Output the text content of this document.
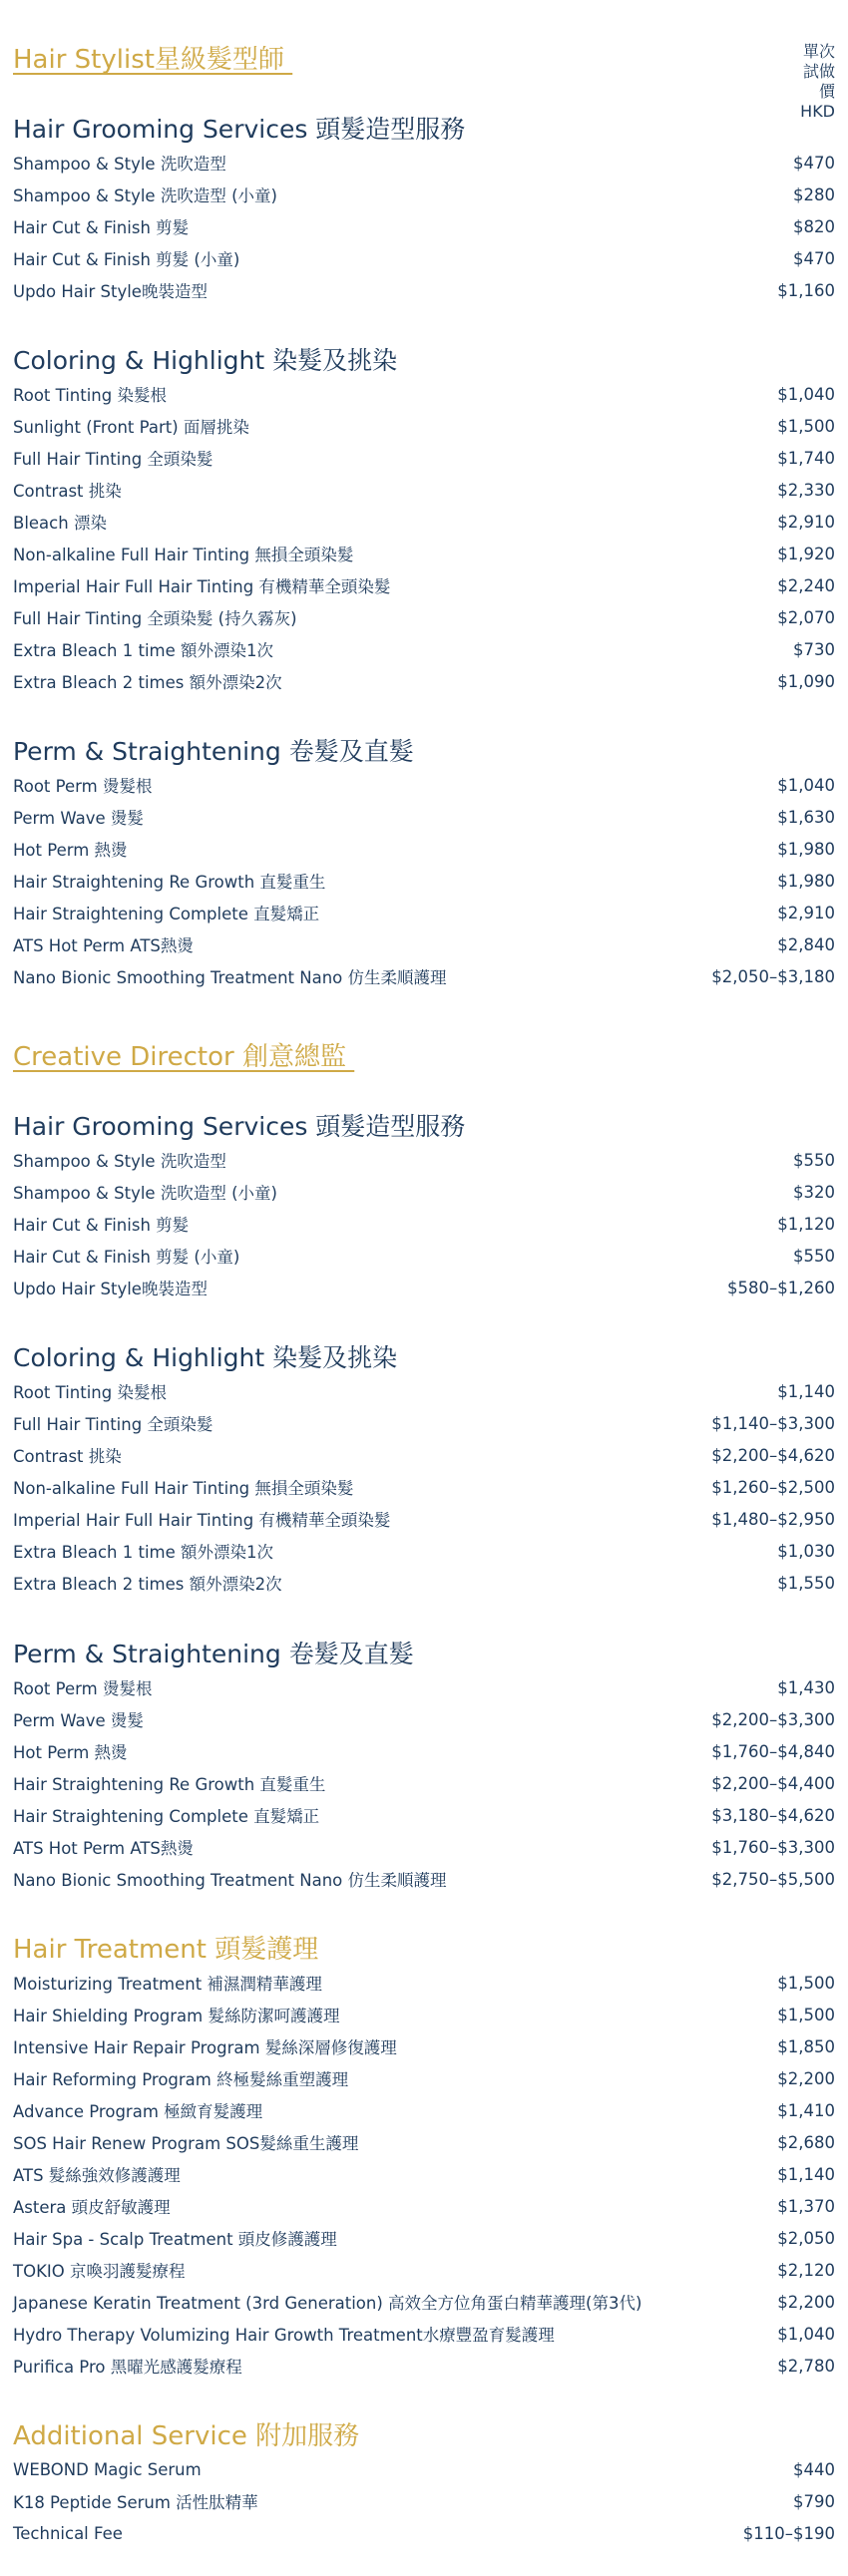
單次
試做價
HKD
Hair Stylist星級髮型師
Hair Grooming Services 頭髮造型服務
Shampoo & Style 洗吹造型	$470
Shampoo & Style 洗吹造型 (小童)	$280
Hair Cut & Finish 剪髮	$820
Hair Cut & Finish 剪髮 (小童)	$470
Updo Hair Style晚裝造型	$1,160
Coloring & Highlight 染髮及挑染
Root Tinting 染髮根	$1,040
Sunlight (Front Part) 面層挑染	$1,500
Full Hair Tinting 全頭染髮	$1,740
Contrast 挑染	$2,330
Bleach 漂染	$2,910
Non-alkaline Full Hair Tinting 無損全頭染髮	$1,920
Imperial Hair Full Hair Tinting 有機精華全頭染髮	$2,240
Full Hair Tinting 全頭染髮 (持久霧灰)	$2,070
Extra Bleach 1 time 額外漂染1次	$730
Extra Bleach 2 times 額外漂染2次	$1,090
Perm & Straightening 卷髮及直髮
Root Perm 燙髮根	$1,040
Perm Wave 燙髮	$1,630
Hot Perm 熱燙	$1,980
Hair Straightening Re Growth 直髮重生	$1,980
Hair Straightening Complete 直髮矯正	$2,910
ATS Hot Perm ATS熱燙	$2,840
Nano Bionic Smoothing Treatment Nano 仿生柔順護理	$2,050–$3,180
Creative Director 創意總監
Hair Grooming Services 頭髮造型服務
Shampoo & Style 洗吹造型	$550
Shampoo & Style 洗吹造型 (小童)	$320
Hair Cut & Finish 剪髮	$1,120
Hair Cut & Finish 剪髮 (小童)	$550
Updo Hair Style晚裝造型	$580–$1,260
Coloring & Highlight 染髮及挑染
Root Tinting 染髮根	$1,140
Full Hair Tinting 全頭染髮	$1,140–$3,300
Contrast 挑染	$2,200–$4,620
Non-alkaline Full Hair Tinting 無損全頭染髮	$1,260–$2,500
Imperial Hair Full Hair Tinting 有機精華全頭染髮	$1,480–$2,950
Extra Bleach 1 time 額外漂染1次	$1,030
Extra Bleach 2 times 額外漂染2次	$1,550
Perm & Straightening 卷髮及直髮
Root Perm 燙髮根	$1,430
Perm Wave 燙髮	$2,200–$3,300
Hot Perm 熱燙	$1,760–$4,840
Hair Straightening Re Growth 直髮重生	$2,200–$4,400
Hair Straightening Complete 直髮矯正	$3,180–$4,620
ATS Hot Perm ATS熱燙	$1,760–$3,300
Nano Bionic Smoothing Treatment Nano 仿生柔順護理	$2,750–$5,500
Hair Treatment 頭髮護理
Moisturizing Treatment 補濕潤精華護理	$1,500
Hair Shielding Program 髮絲防潔呵護護理	$1,500
Intensive Hair Repair Program 髮絲深層修復護理	$1,850
Hair Reforming Program 終極髮絲重塑護理	$2,200
Advance Program 極緻育髮護理	$1,410
SOS Hair Renew Program SOS髮絲重生護理	$2,680
ATS 髮絲強效修護護理	$1,140
Astera 頭皮舒敏護理	$1,370
Hair Spa - Scalp Treatment 頭皮修護護理	$2,050
TOKIO 京喚羽護髮療程	$2,120
Japanese Keratin Treatment (3rd Generation) 高效全方位角蛋白精華護理(第3代)	$2,200
Hydro Therapy Volumizing Hair Growth Treatment水療豐盈育髮護理	$1,040
Purifica Pro 黑曜光感護髮療程	$2,780
Additional Service 附加服務
WEBOND Magic Serum	$440
K18 Peptide Serum 活性肽精華	$790
Technical Fee	$110–$190
